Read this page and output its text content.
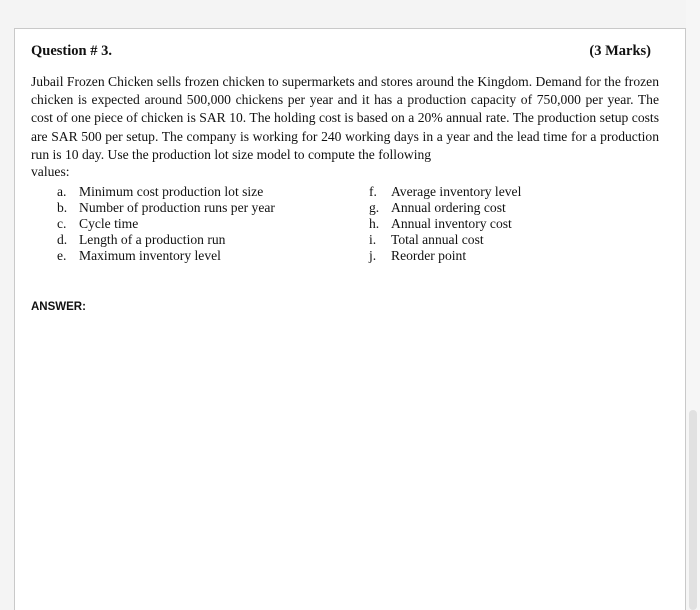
Question # 3.	(3 Marks)
Jubail Frozen Chicken sells frozen chicken to supermarkets and stores around the Kingdom. Demand for the frozen chicken is expected around 500,000 chickens per year and it has a production capacity of 750,000 per year. The cost of one piece of chicken is SAR 10. The holding cost is based on a 20% annual rate. The production setup costs are SAR 500 per setup. The company is working for 240 working days in a year and the lead time for a production run is 10 day. Use the production lot size model to compute the following
values:
a. Minimum cost production lot size
b. Number of production runs per year
c. Cycle time
d. Length of a production run
e. Maximum inventory level
f.	Average inventory level
g. Annual ordering cost
h. Annual inventory cost
i.	Total annual cost
j.	Reorder point
ANSWER:
